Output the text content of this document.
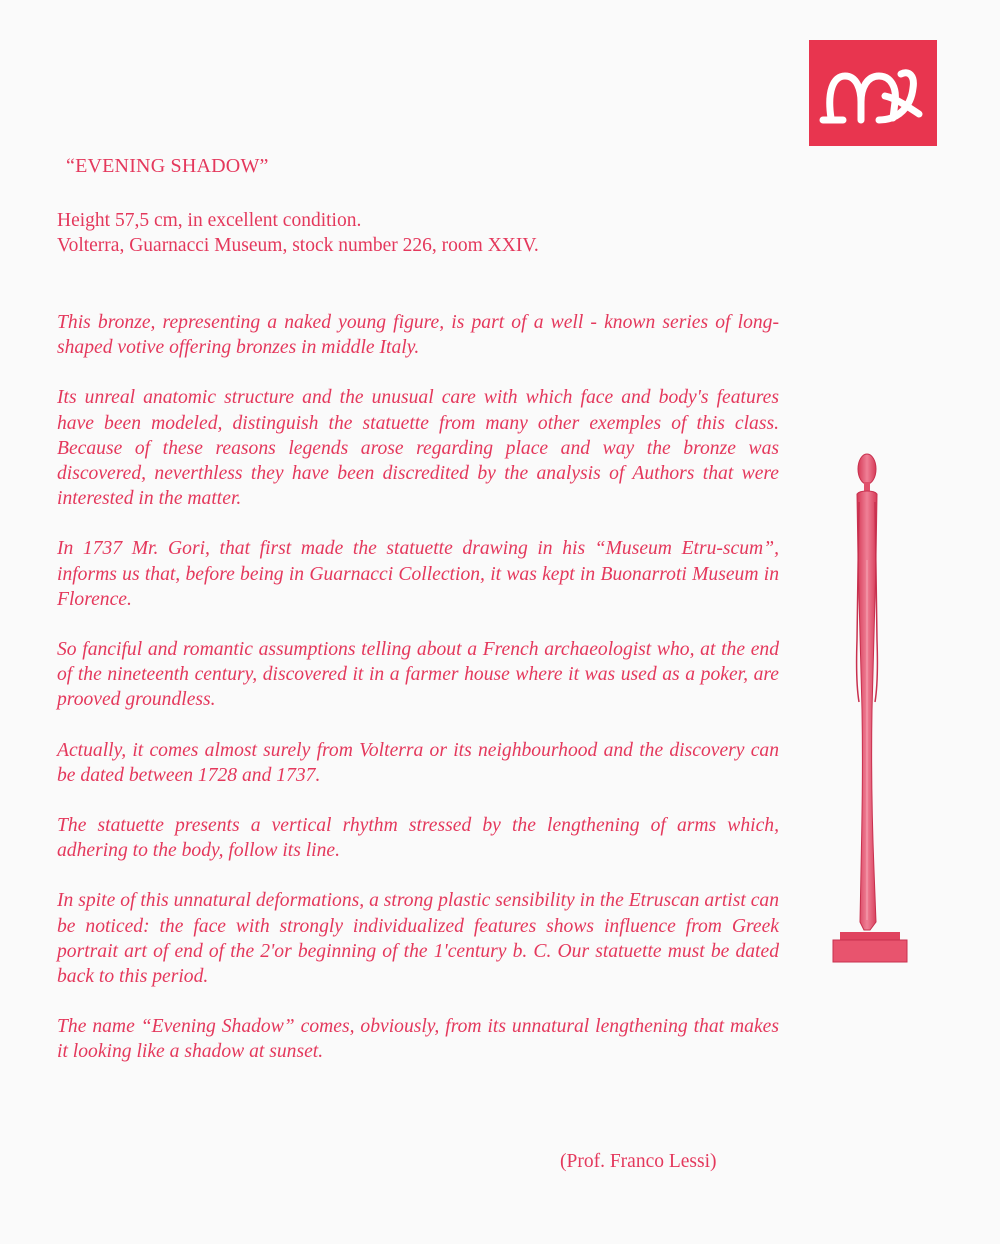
“EVENING SHADOW”
Height 57,5 cm, in excellent condition.
Volterra, Guarnacci Museum, stock number 226, room XXIV.

This bronze, representing a naked young figure, is part of a well - known series of long-shaped votive offering bronzes in middle Italy.

Its unreal anatomic structure and the unusual care with which face and body's features have been modeled, distinguish the statuette from many other exemples of this class. Because of these reasons legends arose regarding place and way the bronze was discovered, neverthless they have been discredited by the analysis of Authors that were interested in the matter.

In 1737 Mr. Gori, that first made the statuette drawing in his “Museum Etru-scum”, informs us that, before being in Guarnacci Collection, it was kept in Buonarroti Museum in Florence.

So fanciful and romantic assumptions telling about a French archaeologist who, at the end of the nineteenth century, discovered it in a farmer house where it was used as a poker, are prooved groundless.

Actually, it comes almost surely from Volterra or its neighbourhood and the discovery can be dated between 1728 and 1737.

The statuette presents a vertical rhythm stressed by the lengthening of arms which, adhering to the body, follow its line.

In spite of this unnatural deformations, a strong plastic sensibility in the Etruscan artist can be noticed: the face with strongly individualized features shows influence from Greek portrait art of end of the 2'or beginning of the 1'century b. C. Our statuette must be dated back to this period.

The name “Evening Shadow” comes, obviously, from its unnatural lengthening that makes it looking like a shadow at sunset.

(Prof. Franco Lessi)
